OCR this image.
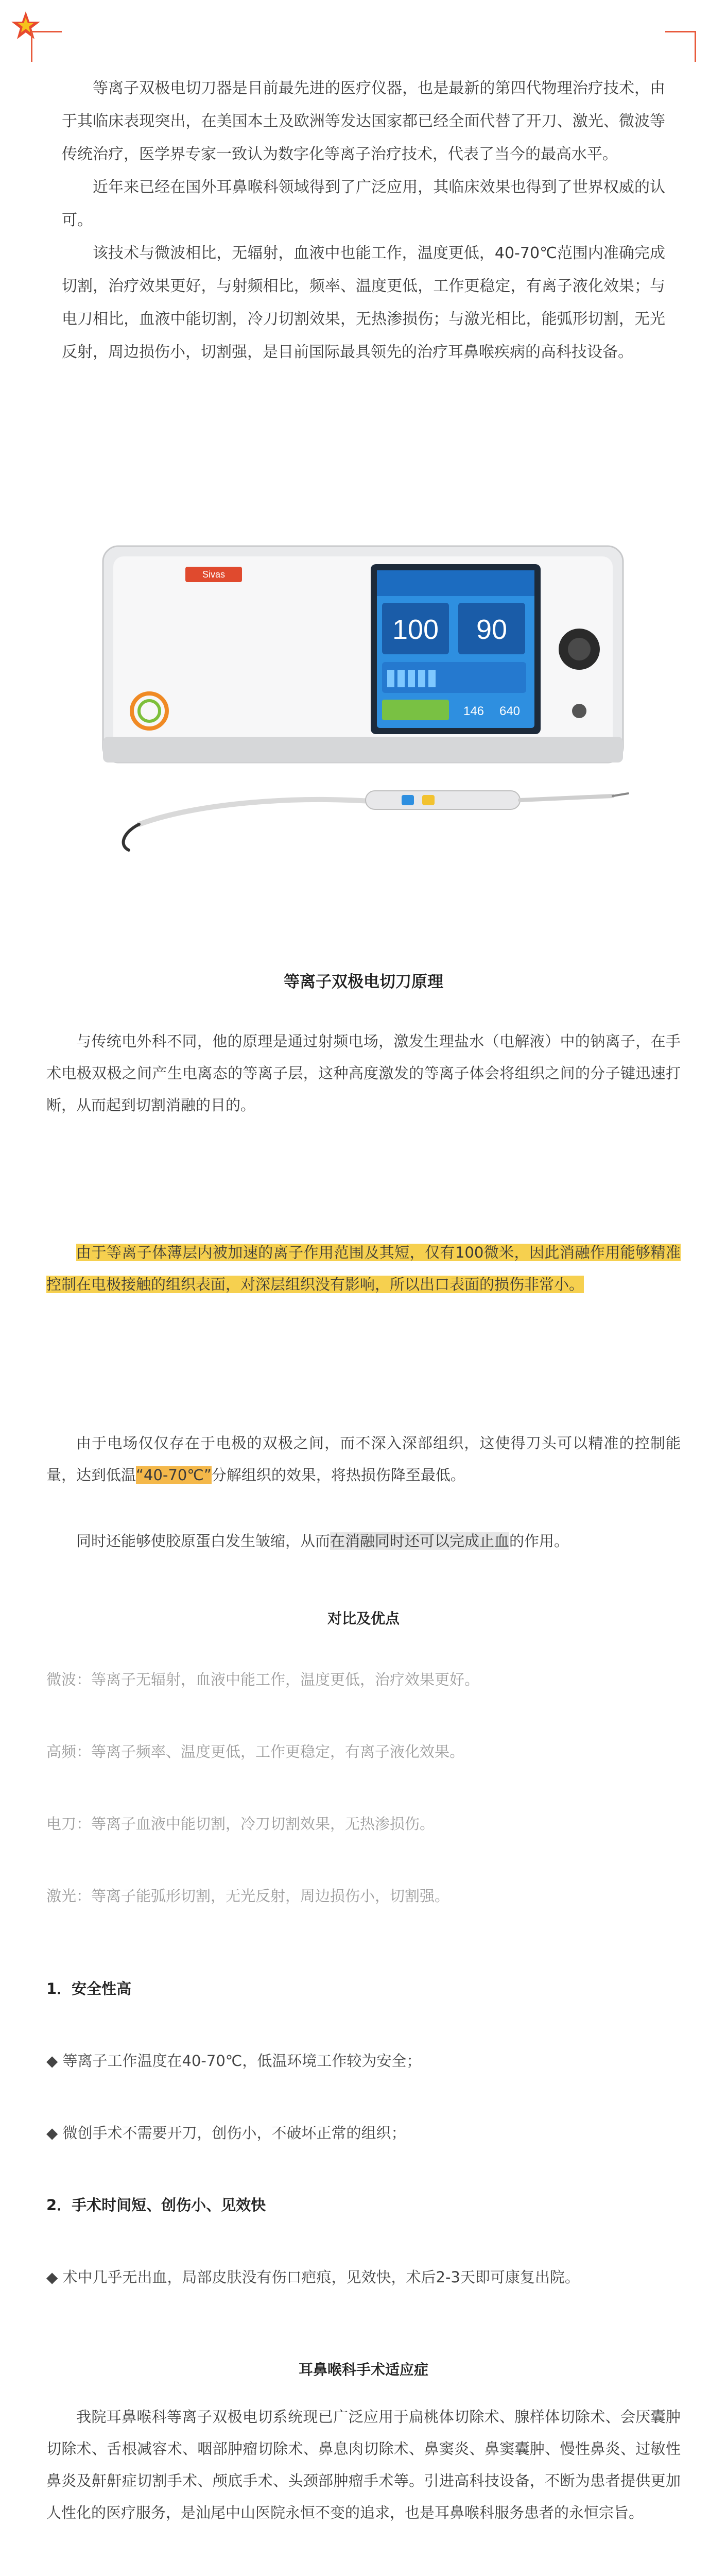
等离子双极电切刀器是目前最先进的医疗仪器，也是最新的第四代物理治疗技术，由于其临床表现突出，在美国本土及欧洲等发达国家都已经全面代替了开刀、激光、微波等传统治疗，医学界专家一致认为数字化等离子治疗技术，代表了当今的最高水平。

近年来已经在国外耳鼻喉科领域得到了广泛应用，其临床效果也得到了世界权威的认可。

该技术与微波相比，无辐射，血液中也能工作，温度更低，40-70℃范围内准确完成切割，治疗效果更好，与射频相比，频率、温度更低，工作更稳定，有离子液化效果；与电刀相比，血液中能切割，冷刀切割效果，无热渗损伤；与激光相比，能弧形切割，无光反射，周边损伤小，切割强，是目前国际最具领先的治疗耳鼻喉疾病的高科技设备。

Sivas
100 90
146 640
等离子双极电切刀原理
与传统电外科不同，他的原理是通过射频电场，激发生理盐水（电解液）中的钠离子，在手术电极双极之间产生电离态的等离子层，这种高度激发的等离子体会将组织之间的分子键迅速打断，从而起到切割消融的目的。
由于等离子体薄层内被加速的离子作用范围及其短，仅有100微米，因此消融作用能够精准控制在电极接触的组织表面，对深层组织没有影响，所以出口表面的损伤非常小。
由于电场仅仅存在于电极的双极之间，而不深入深部组织，这使得刀头可以精准的控制能量，达到低温“40-70℃”分解组织的效果，将热损伤降至最低。
同时还能够使胶原蛋白发生皱缩，从而在消融同时还可以完成止血的作用。
对比及优点
微波：等离子无辐射，血液中能工作，温度更低，治疗效果更好。
高频：等离子频率、温度更低，工作更稳定，有离子液化效果。
电刀：等离子血液中能切割，冷刀切割效果，无热渗损伤。
激光：等离子能弧形切割，无光反射，周边损伤小，切割强。
1．安全性高
◆ 等离子工作温度在40-70℃，低温环境工作较为安全；
◆ 微创手术不需要开刀，创伤小，不破坏正常的组织；
2．手术时间短、创伤小、见效快
◆ 术中几乎无出血，局部皮肤没有伤口疤痕，见效快，术后2-3天即可康复出院。
耳鼻喉科手术适应症
我院耳鼻喉科等离子双极电切系统现已广泛应用于扁桃体切除术、腺样体切除术、会厌囊肿切除术、舌根减容术、咽部肿瘤切除术、鼻息肉切除术、鼻窦炎、鼻窦囊肿、慢性鼻炎、过敏性鼻炎及鼾鼾症切割手术、颅底手术、头颈部肿瘤手术等。引进高科技设备，不断为患者提供更加人性化的医疗服务，是汕尾中山医院永恒不变的追求，也是耳鼻喉科服务患者的永恒宗旨。
